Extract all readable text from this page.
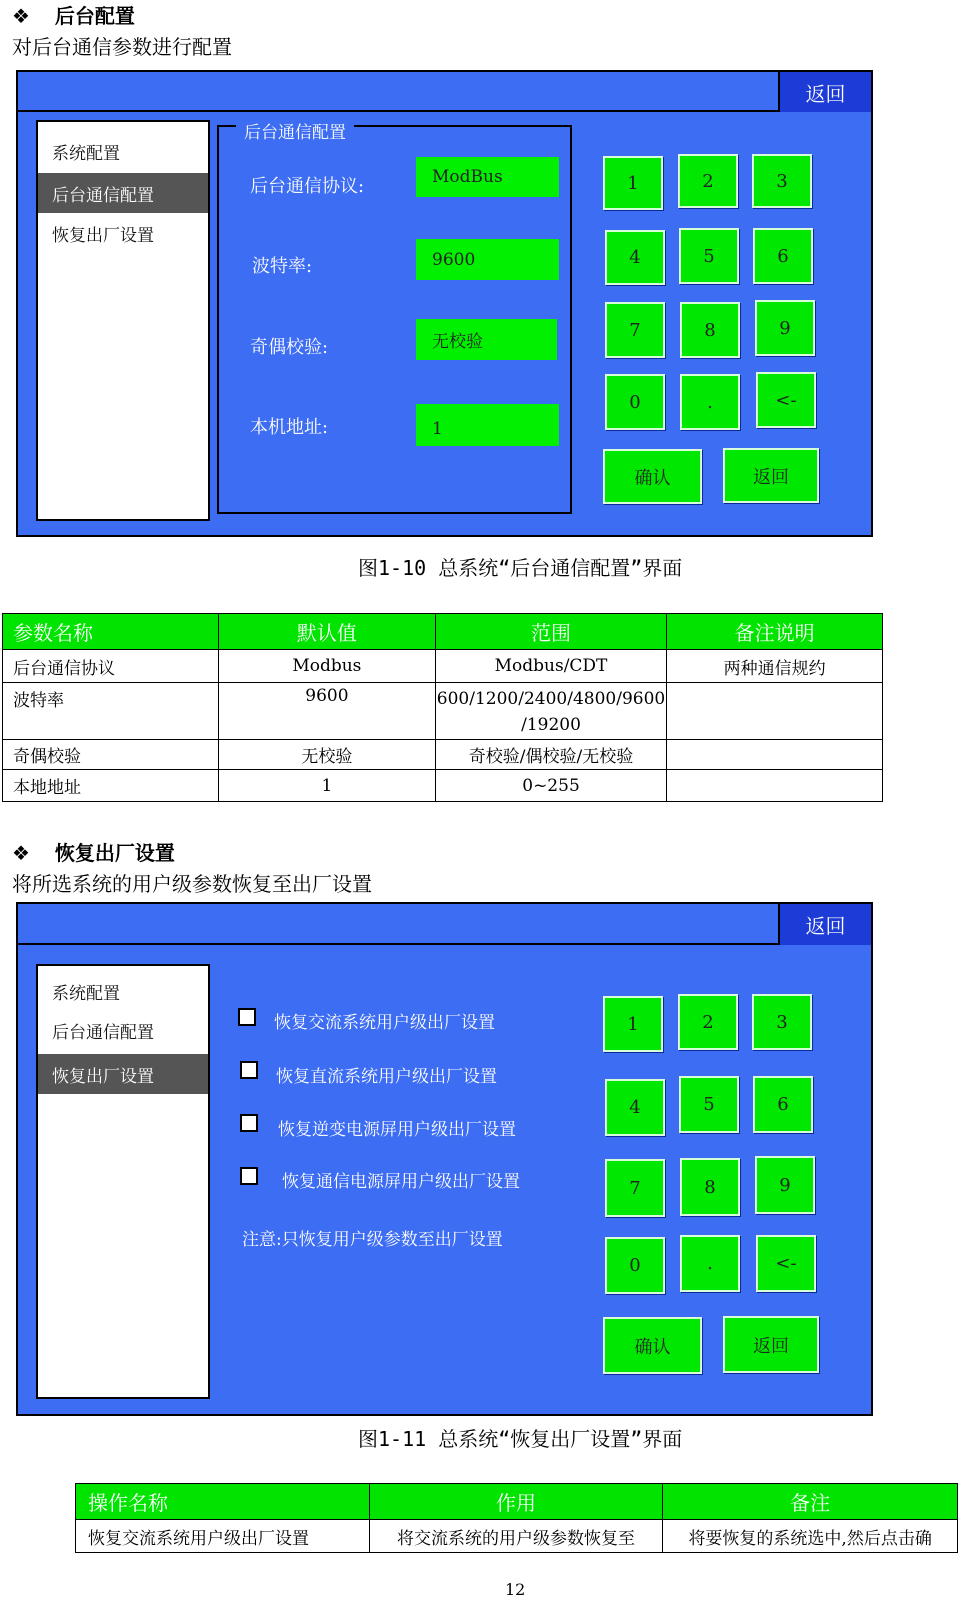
❖ 后台配置
对后台通信参数进行配置
返回
系统配置
后台通信配置
恢复出厂设置
后台通信配置
后台通信协议:	ModBus
波特率:	9600
奇偶校验:	无校验
本机地址:	1
1	2	3
4	5	6
7	8	9
0	.	<-
确认	返回
图1-10 总系统“后台通信配置”界面
参数名称	默认值	范围	备注说明
后台通信协议	Modbus	Modbus/CDT	两种通信规约
波特率	9600	600/1200/2400/4800/9600
/19200	

奇偶校验	无校验	奇校验/偶校验/无校验	
本地地址	1	0~255	
❖ 恢复出厂设置
将所选系统的用户级参数恢复至出厂设置
返回
系统配置
后台通信配置
恢复出厂设置
恢复交流系统用户级出厂设置
恢复直流系统用户级出厂设置
恢复逆变电源屏用户级出厂设置
恢复通信电源屏用户级出厂设置
注意:只恢复用户级参数至出厂设置
1	2	3
4	5	6
7	8	9
0	.	<-
确认	返回
图1-11 总系统“恢复出厂设置”界面
操作名称	作用	备注
恢复交流系统用户级出厂设置	将交流系统的用户级参数恢复至	将要恢复的系统选中,然后点击确
12
